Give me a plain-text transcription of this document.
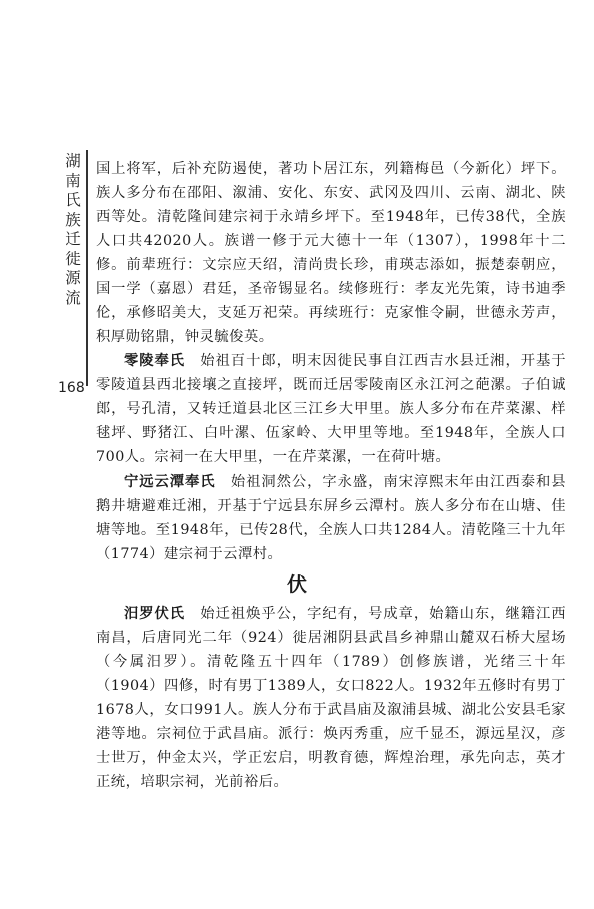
湖南氏族迁徙源流
168

国上将军，后补充防遏使，著功卜居江东，列籍梅邑（今新化）坪下。族人多分布在邵阳、溆浦、安化、东安、武冈及四川、云南、湖北、陕西等处。清乾隆间建宗祠于永靖乡坪下。至1948年，已传38代，全族人口共42020人。族谱一修于元大德十一年（1307），1998年十二修。前辈班行：文宗应天绍，清尚贵长珍，甫瑛志添如，振楚泰朝应，国一学（嘉恩）君廷，圣帝锡显名。续修班行：孝友光先策，诗书迪季伦，承修昭美大，支延万祀荣。再续班行：克家惟令嗣，世德永芳声，积厚勋铭鼎，钟灵毓俊英。

零陵奉氏　 始祖百十郎，明末因徙民事自江西吉水县迁湘，开基于零陵道县西北接壤之直接坪，既而迁居零陵南区永江河之葩漯。子伯诚郎，号孔清，又转迁道县北区三江乡大甲里。族人多分布在芹菜漯、样毬坪、野猪江、白叶漯、伍家岭、大甲里等地。至1948年，全族人口700人。宗祠一在大甲里，一在芹菜漯，一在荷叶塘。

宁远云潭奉氏　 始祖洞然公，字永盛，南宋淳熙末年由江西泰和县鹅井塘避难迁湘，开基于宁远县东屏乡云潭村。族人多分布在山塘、佳塘等地。至1948年，已传28代，全族人口共1284人。清乾隆三十九年（1774）建宗祠于云潭村。

伏

汨罗伏氏　 始迁祖焕乎公，字纪有，号成章，始籍山东，继籍江西南昌，后唐同光二年（924）徙居湘阴县武昌乡神鼎山麓双石桥大屋场（今属汨罗）。清乾隆五十四年（1789）创修族谱，光绪三十年（1904）四修，时有男丁1389人，女口822人。1932年五修时有男丁1678人，女口991人。族人分布于武昌庙及溆浦县城、湖北公安县毛家港等地。宗祠位于武昌庙。派行：焕丙秀重，应千显丕，源远星汉，彦士世万，仲金太兴，学正宏启，明教育德，辉煌治理，承先向志，英才正统，培职宗祠，光前裕后。
